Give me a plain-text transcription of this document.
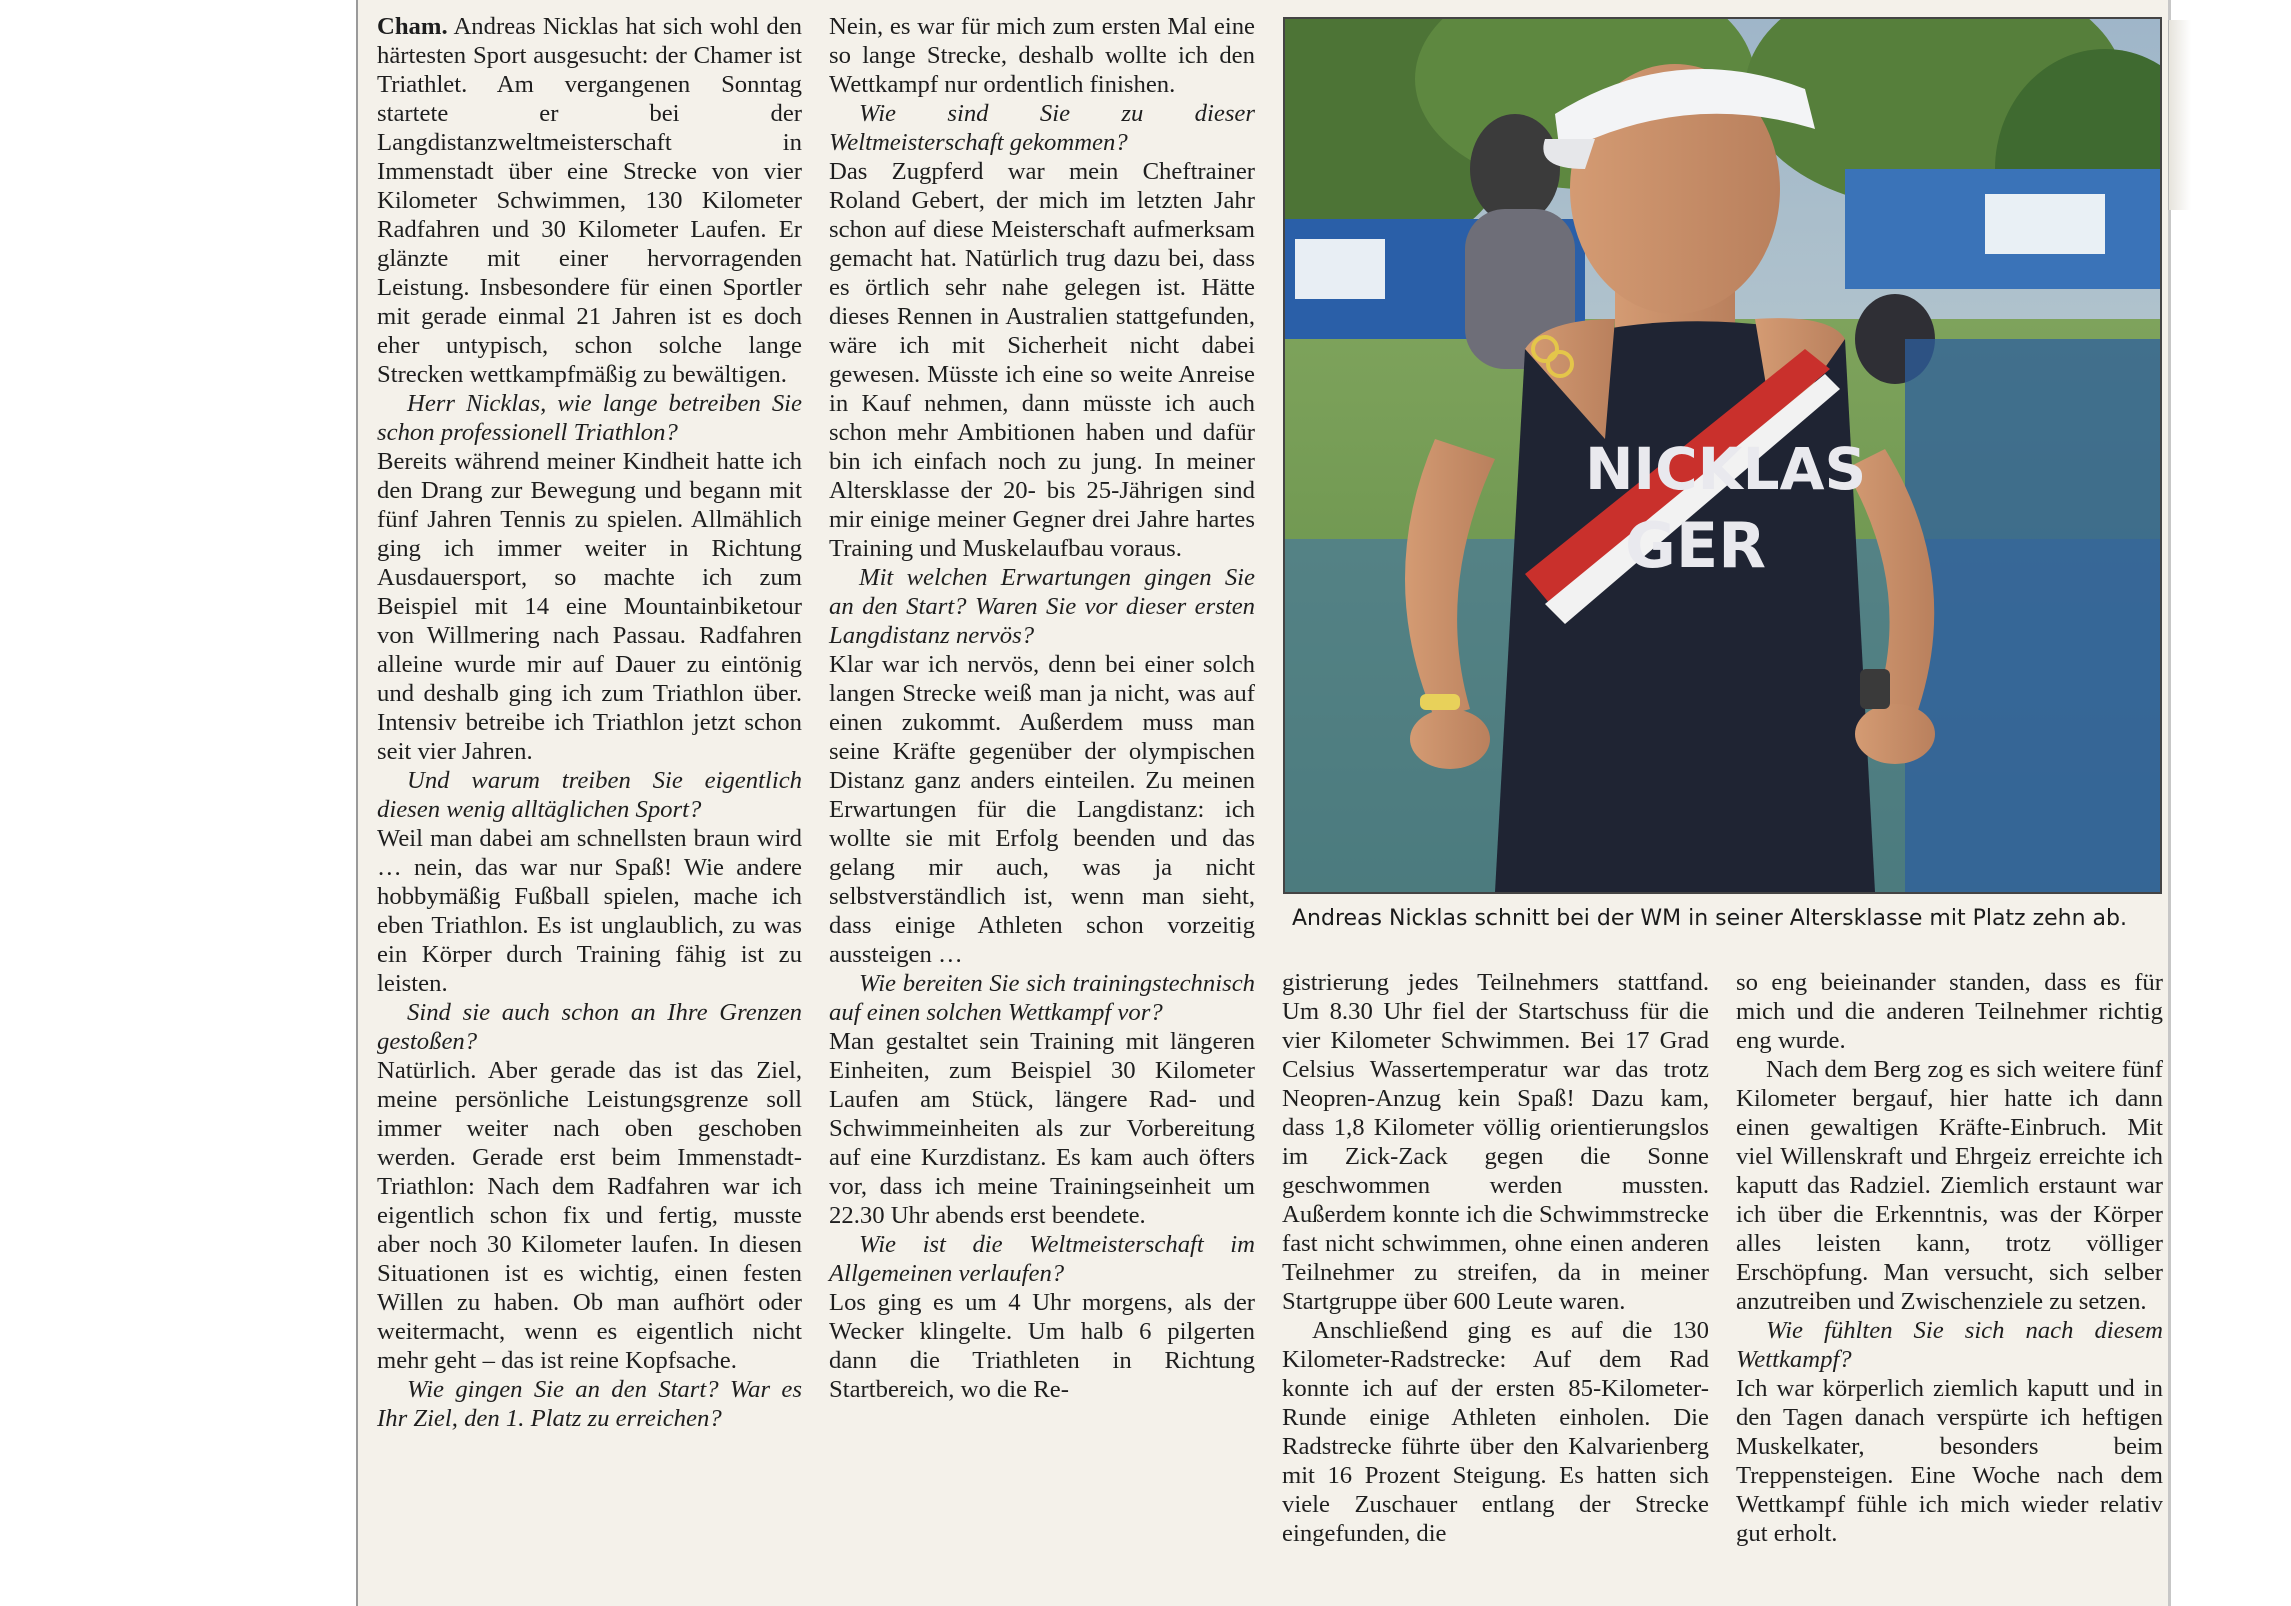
Cham. Andreas Nicklas hat sich wohl den härtesten Sport ausgesucht: der Chamer ist Triathlet. Am vergangenen Sonntag startete er bei der Langdistanzweltmeisterschaft in Immenstadt über eine Strecke von vier Kilometer Schwimmen, 130 Kilometer Radfahren und 30 Kilometer Laufen. Er glänzte mit einer hervorragenden Leistung. Insbesondere für einen Sportler mit gerade einmal 21 Jahren ist es doch eher untypisch, schon solche lange Strecken wettkampfmäßig zu bewältigen.

Herr Nicklas, wie lange betreiben Sie schon professionell Triathlon?

Bereits während meiner Kindheit hatte ich den Drang zur Bewegung und begann mit fünf Jahren Tennis zu spielen. Allmählich ging ich immer weiter in Richtung Ausdauersport, so machte ich zum Beispiel mit 14 eine Mountainbiketour von Willmering nach Passau. Radfahren alleine wurde mir auf Dauer zu eintönig und deshalb ging ich zum Triathlon über. Intensiv betreibe ich Triathlon jetzt schon seit vier Jahren.

Und warum treiben Sie eigentlich diesen wenig alltäglichen Sport?

Weil man dabei am schnellsten braun wird … nein, das war nur Spaß! Wie andere hobbymäßig Fußball spielen, mache ich eben Triathlon. Es ist unglaublich, zu was ein Körper durch Training fähig ist zu leisten.

Sind sie auch schon an Ihre Grenzen gestoßen?

Natürlich. Aber gerade das ist das Ziel, meine persönliche Leistungsgrenze soll immer weiter nach oben geschoben werden. Gerade erst beim Immenstadt-Triathlon: Nach dem Radfahren war ich eigentlich schon fix und fertig, musste aber noch 30 Kilometer laufen. In diesen Situationen ist es wichtig, einen festen Willen zu haben. Ob man aufhört oder weitermacht, wenn es eigentlich nicht mehr geht – das ist reine Kopfsache.

Wie gingen Sie an den Start? War es Ihr Ziel, den 1. Platz zu erreichen?

Nein, es war für mich zum ersten Mal eine so lange Strecke, deshalb wollte ich den Wettkampf nur ordentlich finishen.

Wie sind Sie zu dieser Weltmeisterschaft gekommen?

Das Zugpferd war mein Cheftrainer Roland Gebert, der mich im letzten Jahr schon auf diese Meisterschaft aufmerksam gemacht hat. Natürlich trug dazu bei, dass es örtlich sehr nahe gelegen ist. Hätte dieses Rennen in Australien stattgefunden, wäre ich mit Sicherheit nicht dabei gewesen. Müsste ich eine so weite Anreise in Kauf nehmen, dann müsste ich auch schon mehr Ambitionen haben und dafür bin ich einfach noch zu jung. In meiner Altersklasse der 20- bis 25-Jährigen sind mir einige meiner Gegner drei Jahre hartes Training und Muskelaufbau voraus.

Mit welchen Erwartungen gingen Sie an den Start? Waren Sie vor dieser ersten Langdistanz nervös?

Klar war ich nervös, denn bei einer solch langen Strecke weiß man ja nicht, was auf einen zukommt. Außerdem muss man seine Kräfte gegenüber der olympischen Distanz ganz anders einteilen. Zu meinen Erwartungen für die Langdistanz: ich wollte sie mit Erfolg beenden und das gelang mir auch, was ja nicht selbstverständlich ist, wenn man sieht, dass einige Athleten schon vorzeitig aussteigen …

Wie bereiten Sie sich trainingstechnisch auf einen solchen Wettkampf vor?

Man gestaltet sein Training mit längeren Einheiten, zum Beispiel 30 Kilometer Laufen am Stück, längere Rad- und Schwimmeinheiten als zur Vorbereitung auf eine Kurzdistanz. Es kam auch öfters vor, dass ich meine Trainingseinheit um 22.30 Uhr abends erst beendete.

Wie ist die Weltmeisterschaft im Allgemeinen verlaufen?

Los ging es um 4 Uhr morgens, als der Wecker klingelte. Um halb 6 pilgerten dann die Triathleten in Richtung Startbereich, wo die Re-

gistrierung jedes Teilnehmers stattfand. Um 8.30 Uhr fiel der Startschuss für die vier Kilometer Schwimmen. Bei 17 Grad Celsius Wassertemperatur war das trotz Neopren-Anzug kein Spaß! Dazu kam, dass 1,8 Kilometer völlig orientierungslos im Zick-Zack gegen die Sonne geschwommen werden mussten. Außerdem konnte ich die Schwimmstrecke fast nicht schwimmen, ohne einen anderen Teilnehmer zu streifen, da in meiner Startgruppe über 600 Leute waren.

Anschließend ging es auf die 130 Kilometer-Radstrecke: Auf dem Rad konnte ich auf der ersten 85-Kilometer-Runde einige Athleten einholen. Die Radstrecke führte über den Kalvarienberg mit 16 Prozent Steigung. Es hatten sich viele Zuschauer entlang der Strecke eingefunden, die

so eng beieinander standen, dass es für mich und die anderen Teilnehmer richtig eng wurde.

Nach dem Berg zog es sich weitere fünf Kilometer bergauf, hier hatte ich dann einen gewaltigen Kräfte-Einbruch. Mit viel Willenskraft und Ehrgeiz erreichte ich kaputt das Radziel. Ziemlich erstaunt war ich über die Erkenntnis, was der Körper alles leisten kann, trotz völliger Erschöpfung. Man versucht, sich selber anzutreiben und Zwischenziele zu setzen.

Wie fühlten Sie sich nach diesem Wettkampf?

Ich war körperlich ziemlich kaputt und in den Tagen danach verspürte ich heftigen Muskelkater, besonders beim Treppensteigen. Eine Woche nach dem Wettkampf fühle ich mich wieder relativ gut erholt.

NICKLAS
GER
Andreas Nicklas schnitt bei der WM in seiner Altersklasse mit Platz zehn ab.
